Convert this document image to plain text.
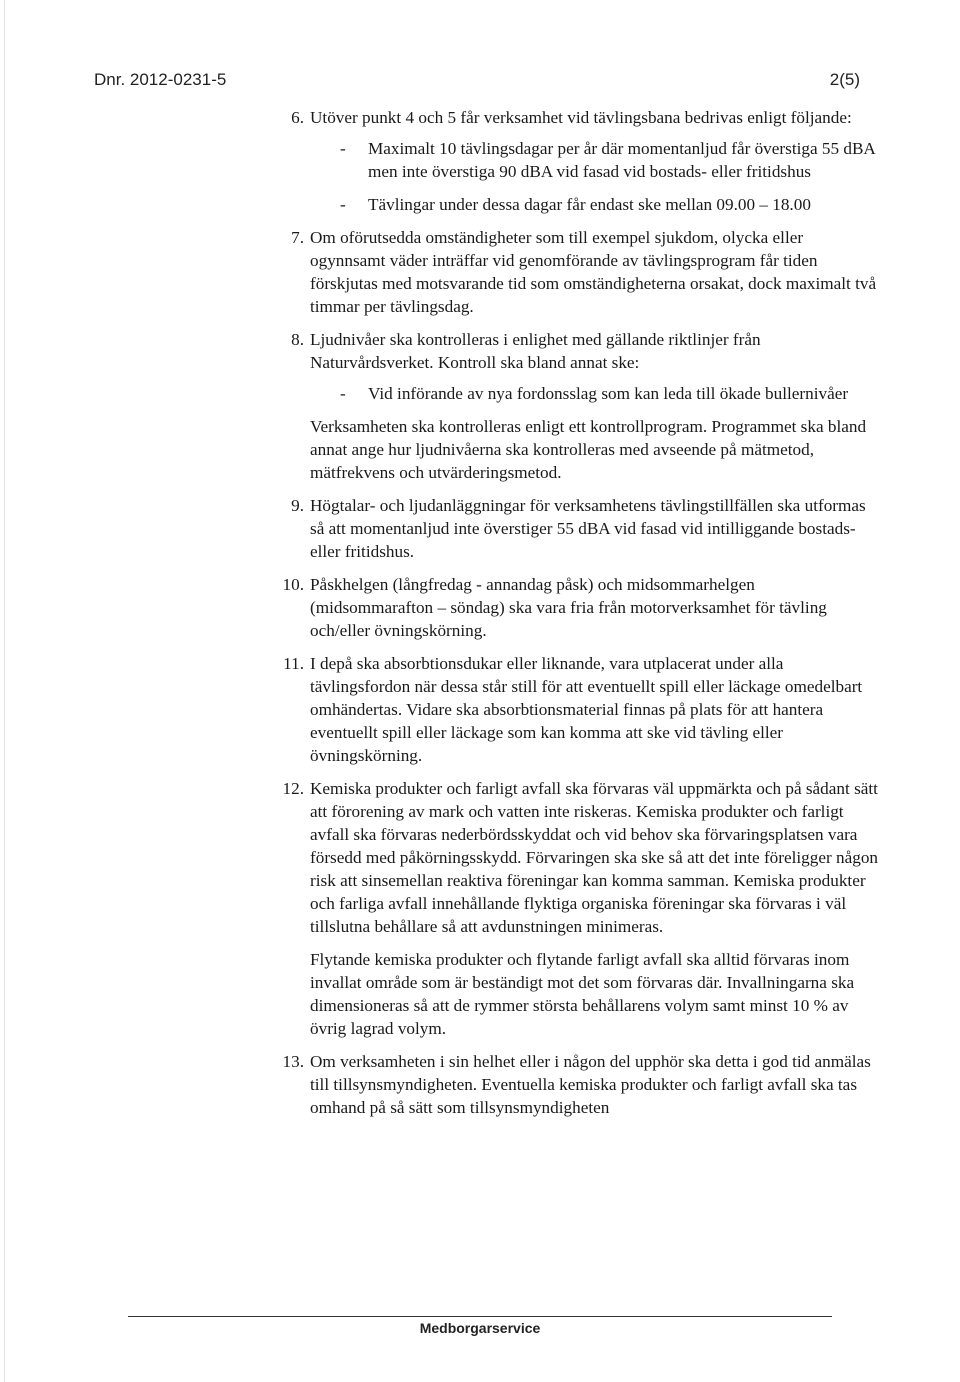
Dnr. 2012-0231-5	2(5)
6. Utöver punkt 4 och 5 får verksamhet vid tävlingsbana bedrivas enligt följande:

- Maximalt 10 tävlingsdagar per år där momentanljud får överstiga 55 dBA men inte överstiga 90 dBA vid fasad vid bostads- eller fritidshus
- Tävlingar under dessa dagar får endast ske mellan 09.00 – 18.00
7. Om oförutsedda omständigheter som till exempel sjukdom, olycka eller ogynnsamt väder inträffar vid genomförande av tävlingsprogram får tiden förskjutas med motsvarande tid som omständigheterna orsakat, dock maximalt två timmar per tävlingsdag.

8. Ljudnivåer ska kontrolleras i enlighet med gällande riktlinjer från Naturvårdsverket. Kontroll ska bland annat ske:

- Vid införande av nya fordonsslag som kan leda till ökade bullernivåer

Verksamheten ska kontrolleras enligt ett kontrollprogram. Programmet ska bland annat ange hur ljudnivåerna ska kontrolleras med avseende på mätmetod, mätfrekvens och utvärderingsmetod.

9. Högtalar- och ljudanläggningar för verksamhetens tävlingstillfällen ska utformas så att momentanljud inte överstiger 55 dBA vid fasad vid intilliggande bostads- eller fritidshus.

10. Påskhelgen (långfredag - annandag påsk) och midsommarhelgen (midsommarafton – söndag) ska vara fria från motorverksamhet för tävling och/eller övningskörning.

11. I depå ska absorbtionsdukar eller liknande, vara utplacerat under alla tävlingsfordon när dessa står still för att eventuellt spill eller läckage omedelbart omhändertas. Vidare ska absorbtionsmaterial finnas på plats för att hantera eventuellt spill eller läckage som kan komma att ske vid tävling eller övningskörning.

12. Kemiska produkter och farligt avfall ska förvaras väl uppmärkta och på sådant sätt att förorening av mark och vatten inte riskeras. Kemiska produkter och farligt avfall ska förvaras nederbördsskyddat och vid behov ska förvaringsplatsen vara försedd med påkörningsskydd. Förvaringen ska ske så att det inte föreligger någon risk att sinsemellan reaktiva föreningar kan komma samman. Kemiska produkter och farliga avfall innehållande flyktiga organiska föreningar ska förvaras i väl tillslutna behållare så att avdunstningen minimeras.

Flytande kemiska produkter och flytande farligt avfall ska alltid förvaras inom invallat område som är beständigt mot det som förvaras där. Invallningarna ska dimensioneras så att de rymmer största behållarens volym samt minst 10 % av övrig lagrad volym.

13. Om verksamheten i sin helhet eller i någon del upphör ska detta i god tid anmälas till tillsynsmyndigheten. Eventuella kemiska produkter och farligt avfall ska tas omhand på så sätt som tillsynsmyndigheten

Medborgarservice
